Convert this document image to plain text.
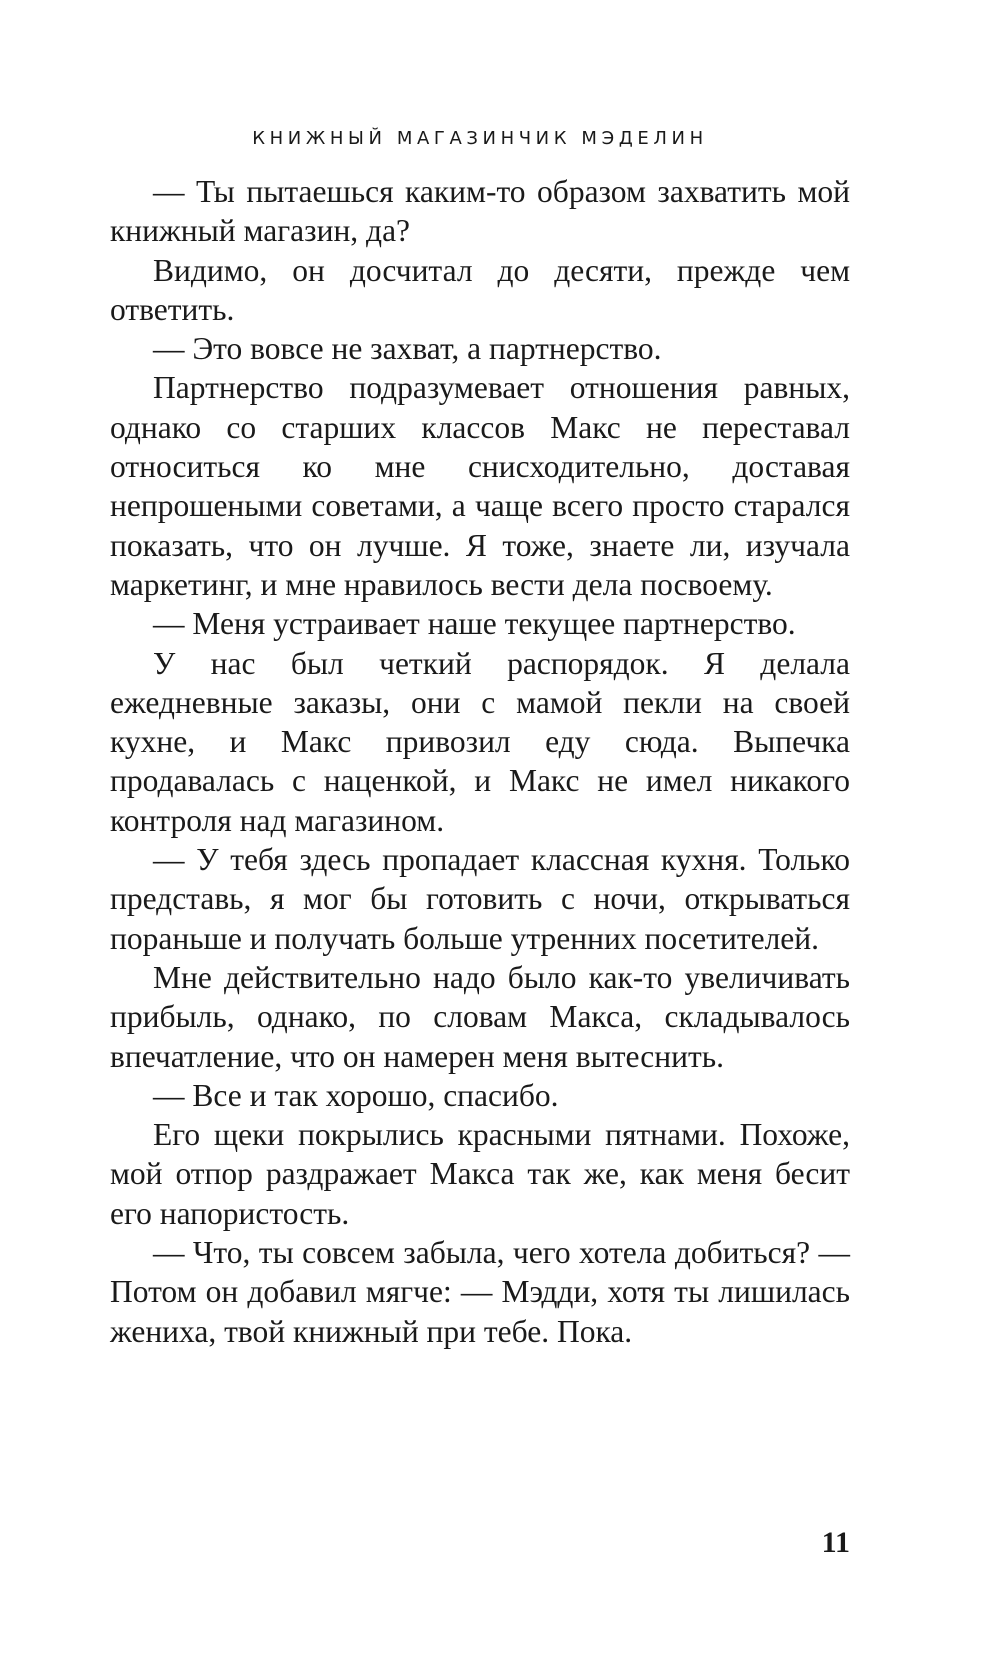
КНИЖНЫЙ МАГАЗИНЧИК МЭДЕЛИН

— Ты пытаешься каким-то образом захватить мой книжный магазин, да?

Видимо, он досчитал до десяти, прежде чем ответить.

— Это вовсе не захват, а партнерство.

Партнерство подразумевает отношения равных, однако со старших классов Макс не переставал относиться ко мне снисходительно, доставая непрошеными советами, а чаще всего просто старался показать, что он лучше. Я тоже, знаете ли, изучала маркетинг, и мне нравилось вести дела посвоему.

— Меня устраивает наше текущее партнерство.

У нас был четкий распорядок. Я делала ежедневные заказы, они с мамой пекли на своей кухне, и Макс привозил еду сюда. Выпечка продавалась с наценкой, и Макс не имел никакого контроля над магазином.

— У тебя здесь пропадает классная кухня. Только представь, я мог бы готовить с ночи, открываться пораньше и получать больше утренних посетителей.

Мне действительно надо было как-то увеличивать прибыль, однако, по словам Макса, складывалось впечатление, что он намерен меня вытеснить.

— Все и так хорошо, спасибо.

Его щеки покрылись красными пятнами. Похоже, мой отпор раздражает Макса так же, как меня бесит его напористость.

— Что, ты совсем забыла, чего хотела добиться? — Потом он добавил мягче: — Мэдди, хотя ты лишилась жениха, твой книжный при тебе. Пока.

11
